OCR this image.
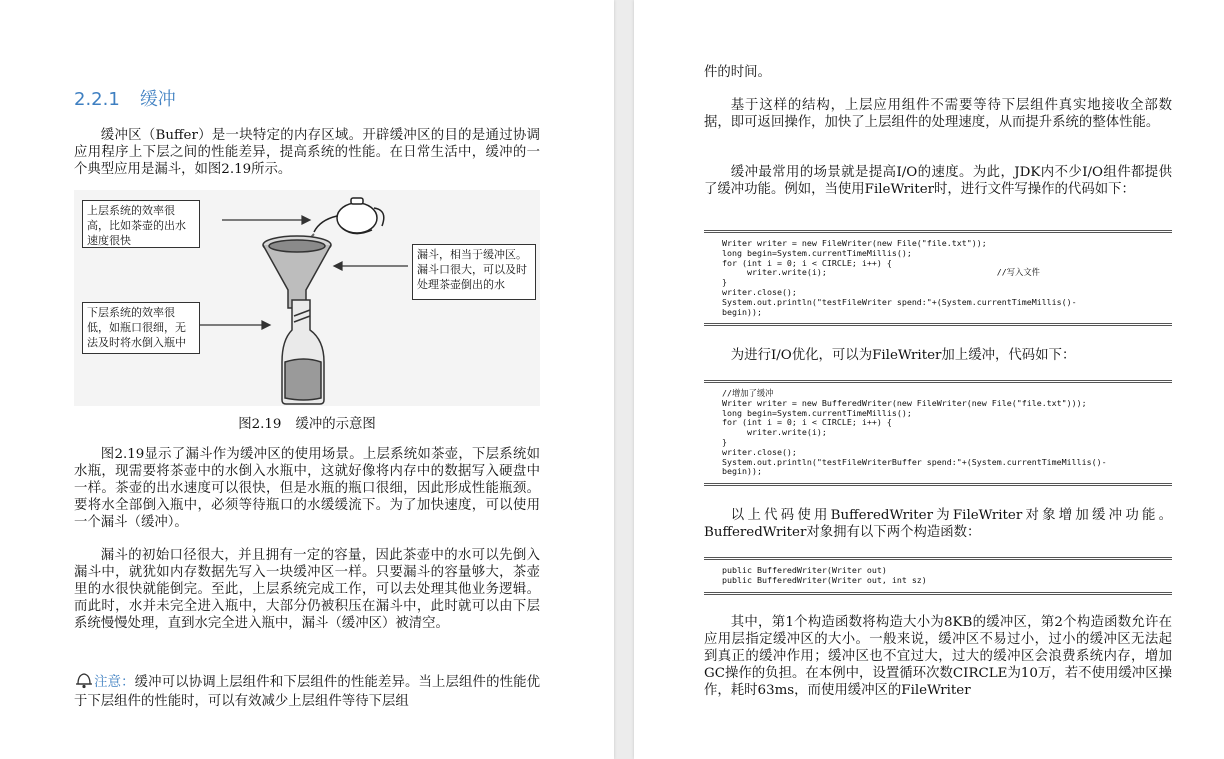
2.2.1 缓冲

缓冲区（Buffer）是一块特定的内存区域。开辟缓冲区的目的是通过协调应用程序上下层之间的性能差异，提高系统的性能。在日常生活中，缓冲的一个典型应用是漏斗，如图2.19所示。

上层系统的效率很高，比如茶壶的出水速度很快
漏斗，相当于缓冲区。漏斗口很大，可以及时处理茶壶倒出的水
下层系统的效率很低，如瓶口很细，无法及时将水倒入瓶中
图2.19 缓冲的示意图

图2.19显示了漏斗作为缓冲区的使用场景。上层系统如茶壶，下层系统如水瓶，现需要将茶壶中的水倒入水瓶中，这就好像将内存中的数据写入硬盘中一样。茶壶的出水速度可以很快，但是水瓶的瓶口很细，因此形成性能瓶颈。要将水全部倒入瓶中，必须等待瓶口的水缓缓流下。为了加快速度，可以使用一个漏斗（缓冲）。

漏斗的初始口径很大，并且拥有一定的容量，因此茶壶中的水可以先倒入漏斗中，就犹如内存数据先写入一块缓冲区一样。只要漏斗的容量够大，茶壶里的水很快就能倒完。至此，上层系统完成工作，可以去处理其他业务逻辑。而此时，水并未完全进入瓶中，大部分仍被积压在漏斗中，此时就可以由下层系统慢慢处理，直到水完全进入瓶中，漏斗（缓冲区）被清空。

注意：缓冲可以协调上层组件和下层组件的性能差异。当上层组件的性能优于下层组件的性能时，可以有效减少上层组件等待下层组

件的时间。

基于这样的结构，上层应用组件不需要等待下层组件真实地接收全部数据，即可返回操作，加快了上层组件的处理速度，从而提升系统的整体性能。

缓冲最常用的场景就是提高I/O的速度。为此，JDK内不少I/O组件都提供了缓冲功能。例如，当使用FileWriter时，进行文件写操作的代码如下：

Writer writer = new FileWriter(new File("file.txt"));
long begin=System.currentTimeMillis();
for (int i = 0; i < CIRCLE; i++) {
writer.write(i);                                  //写入文件
}
writer.close();
System.out.println("testFileWriter spend:"+(System.currentTimeMillis()-
begin));

为进行I/O优化，可以为FileWriter加上缓冲，代码如下：

//增加了缓冲
Writer writer = new BufferedWriter(new FileWriter(new File("file.txt")));
long begin=System.currentTimeMillis();
for (int i = 0; i < CIRCLE; i++) {
writer.write(i);
}
writer.close();
System.out.println("testFileWriterBuffer spend:"+(System.currentTimeMillis()-
begin));

以上代码使用BufferedWriter为FileWriter对象增加缓冲功能。BufferedWriter对象拥有以下两个构造函数：

public BufferedWriter(Writer out)
public BufferedWriter(Writer out, int sz)

其中，第1个构造函数将构造大小为8KB的缓冲区，第2个构造函数允许在应用层指定缓冲区的大小。一般来说，缓冲区不易过小，过小的缓冲区无法起到真正的缓冲作用；缓冲区也不宜过大，过大的缓冲区会浪费系统内存，增加GC操作的负担。在本例中，设置循环次数CIRCLE为10万，若不使用缓冲区操作，耗时63ms，而使用缓冲区的FileWriter
